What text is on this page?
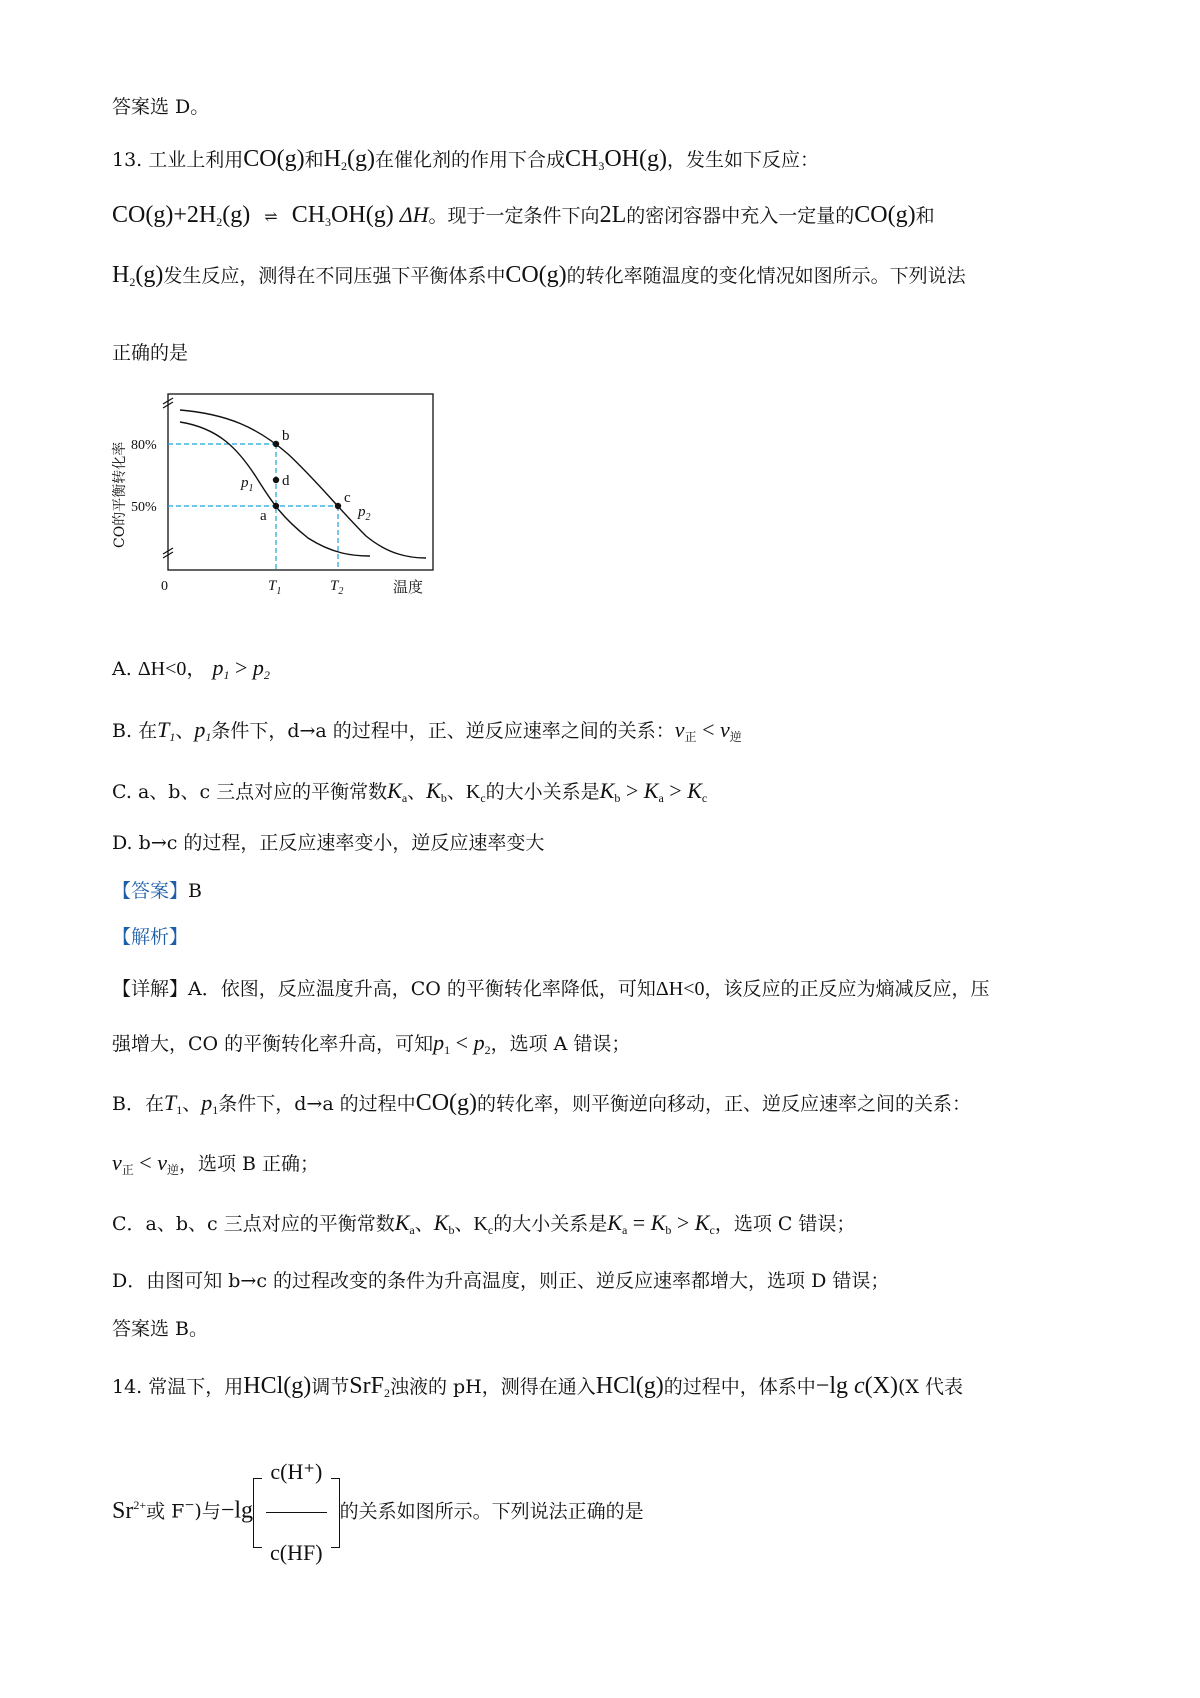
答案选 D。
13. 工业上利用CO(g)和$H_2(g)$在催化剂的作用下合成$CH_3OH(g)$，发生如下反应：
$CO(g)+2H_2(g)$ ⇌ $CH_3OH(g)$ ΔH。现于一定条件下向2L的密闭容器中充入一定量的CO(g)和
$H_2(g)$发生反应，测得在不同压强下平衡体系中CO(g)的转化率随温度的变化情况如图所示。下列说法
正确的是
a
b
c
d
$p_1$
$p_2$
80%
50%
0	$T_1$	$T_2$	温度
CO的平衡转化率
A. ΔH<0， $p_1 > p_2$
B. 在$T_1$、$p_1$条件下，d→a 的过程中，正、逆反应速率之间的关系：$v_正 < v_逆$
C. a、b、c 三点对应的平衡常数$K_a$、$K_b$、$K_c$的大小关系是$K_b > K_a > K_c$
D. b→c 的过程，正反应速率变小，逆反应速率变大
【答案】B
【解析】
【详解】A．依图，反应温度升高，CO 的平衡转化率降低，可知ΔH<0，该反应的正反应为熵减反应，压
强增大，CO 的平衡转化率升高，可知$p_1 < p_2$，选项 A 错误；
B．在$T_1$、$p_1$条件下，d→a 的过程中CO(g)的转化率，则平衡逆向移动，正、逆反应速率之间的关系：
$v_正 < v_逆$，选项 B 正确；
C．a、b、c 三点对应的平衡常数$K_a$、$K_b$、$K_c$的大小关系是$K_a = K_b > K_c$，选项 C 错误；
D．由图可知 b→c 的过程改变的条件为升高温度，则正、逆反应速率都增大，选项 D 错误；
答案选 B。
14. 常温下，用HCl(g)调节SrF$_2$浊液的 pH，测得在通入HCl(g)的过程中，体系中−lg c(X)(X 代表
$Sr^{2+}$或 F−)与$-\lg \frac{c(H^+)}{c(HF)}$ 的关系如图所示。下列说法正确的是
